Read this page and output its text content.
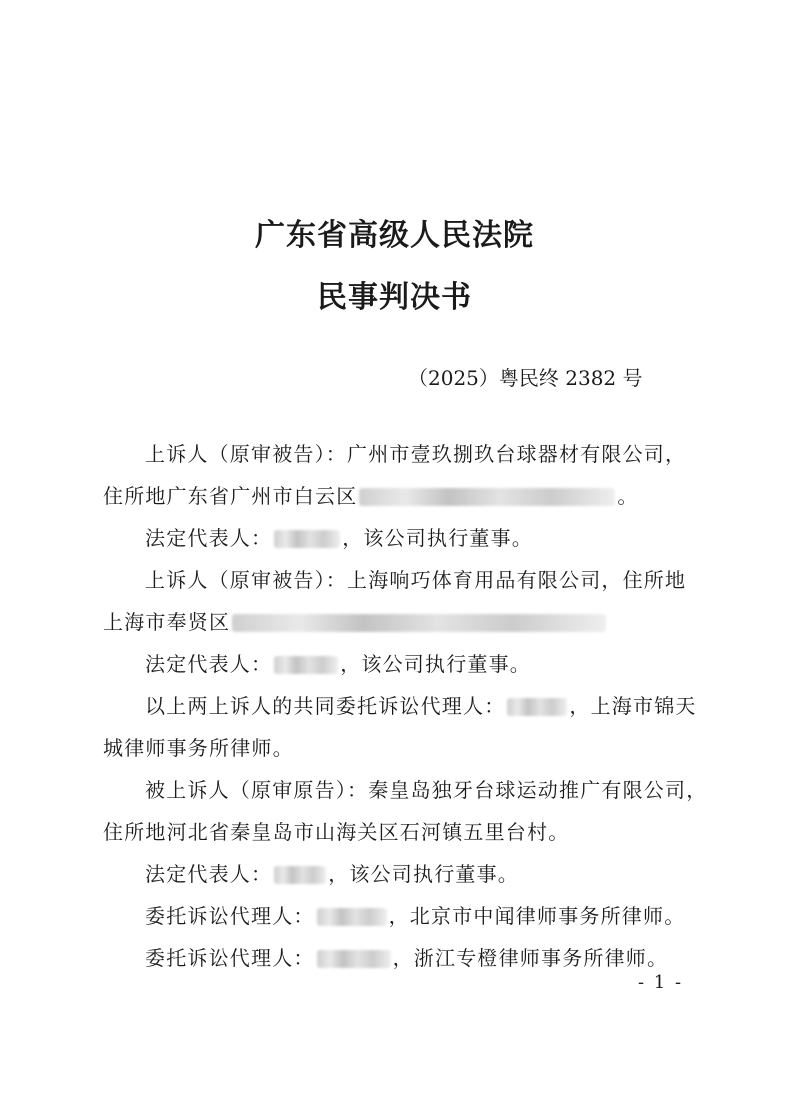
广东省高级人民法院
民事判决书
（2025）粤民终 2382 号
上诉人（原审被告）：广州市壹玖捌玖台球器材有限公司，
住所地广东省广州市白云区	。
法定代表人：	，该公司执行董事。
上诉人（原审被告）：上海响巧体育用品有限公司，住所地
上海市奉贤区
法定代表人：	，该公司执行董事。
以上两上诉人的共同委托诉讼代理人：	，上海市锦天
城律师事务所律师。
被上诉人（原审原告）：秦皇岛独牙台球运动推广有限公司，
住所地河北省秦皇岛市山海关区石河镇五里台村。
法定代表人：	，该公司执行董事。
委托诉讼代理人：	，北京市中闻律师事务所律师。
委托诉讼代理人：	，浙江专橙律师事务所律师。
- 1 -
